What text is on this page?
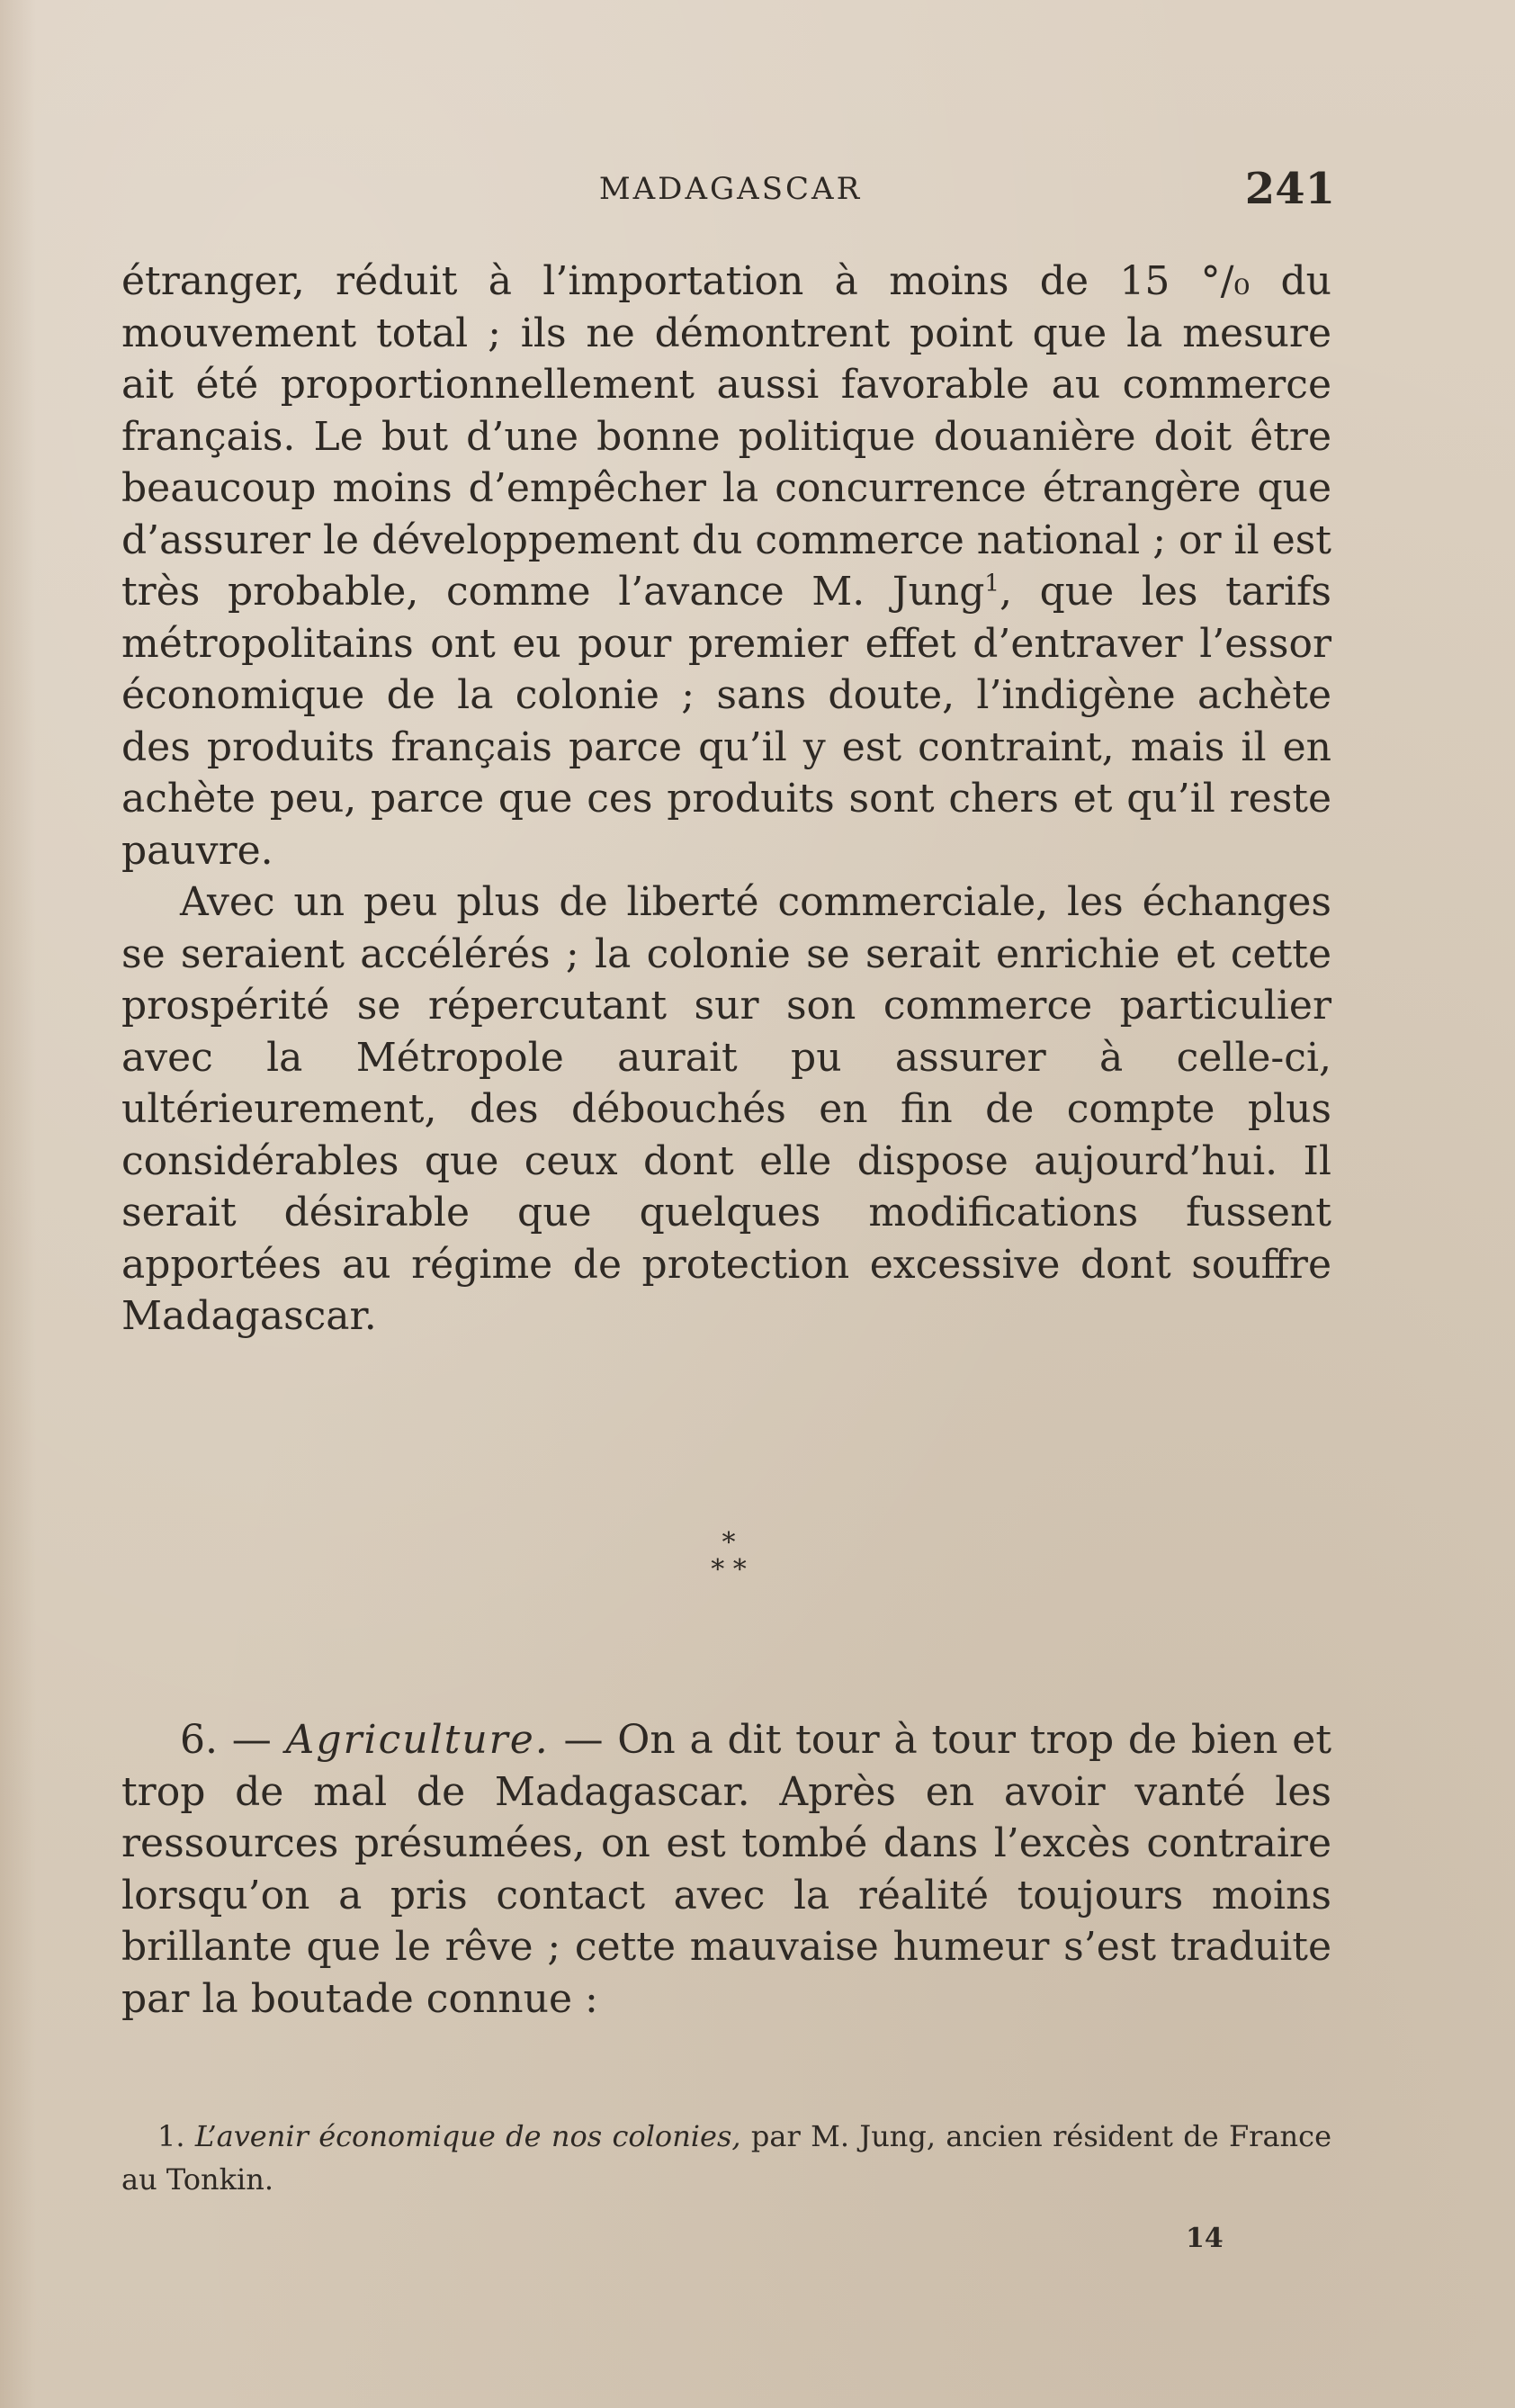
MADAGASCAR	241

étranger, réduit à l’importation à moins de 15 °/₀ du mouvement total ; ils ne démontrent point que la mesure ait été proportionnellement aussi favorable au commerce français. Le but d’une bonne politique douanière doit être beaucoup moins d’empêcher la concurrence étrangère que d’assurer le développement du commerce national ; or il est très probable, comme l’avance M. Jung$^1$, que les tarifs métropolitains ont eu pour premier effet d’entraver l’essor économique de la colonie ; sans doute, l’indigène achète des produits français parce qu’il y est contraint, mais il en achète peu, parce que ces produits sont chers et qu’il reste pauvre.

Avec un peu plus de liberté commerciale, les échanges se seraient accélérés ; la colonie se serait enrichie et cette prospérité se répercutant sur son commerce particulier avec la Métropole aurait pu assurer à celle-ci, ultérieurement, des débouchés en fin de compte plus considérables que ceux dont elle dispose aujourd’hui. Il serait désirable que quelques modifications fussent apportées au régime de protection excessive dont souffre Madagascar.

*
* *

6. — Agriculture. — On a dit tour à tour trop de bien et trop de mal de Madagascar. Après en avoir vanté les ressources présumées, on est tombé dans l’excès contraire lorsqu’on a pris contact avec la réalité toujours moins brillante que le rêve ; cette mauvaise humeur s’est traduite par la boutade connue :

1. L’avenir économique de nos colonies, par M. Jung, ancien résident de France au Tonkin.

14
